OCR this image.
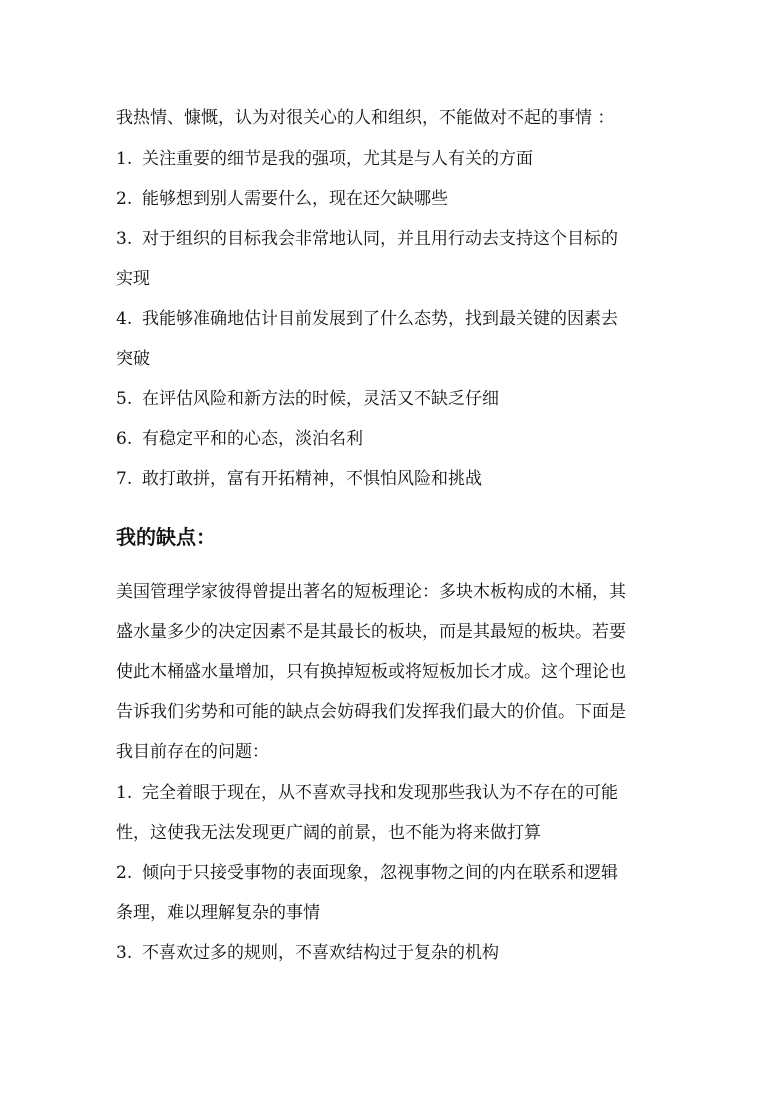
我热情、慷慨，认为对很关心的人和组织，不能做对不起的事情 ：

1. 关注重要的细节是我的强项，尤其是与人有关的方面

2. 能够想到别人需要什么，现在还欠缺哪些

3. 对于组织的目标我会非常地认同，并且用行动去支持这个目标的

实现

4. 我能够准确地估计目前发展到了什么态势，找到最关键的因素去

突破

5. 在评估风险和新方法的时候，灵活又不缺乏仔细

6. 有稳定平和的心态，淡泊名利

7. 敢打敢拼，富有开拓精神，不惧怕风险和挑战

我的缺点：

美国管理学家彼得曾提出著名的短板理论：多块木板构成的木桶，其

盛水量多少的决定因素不是其最长的板块，而是其最短的板块。若要

使此木桶盛水量增加，只有换掉短板或将短板加长才成。这个理论也

告诉我们劣势和可能的缺点会妨碍我们发挥我们最大的价值。下面是

我目前存在的问题：

1. 完全着眼于现在，从不喜欢寻找和发现那些我认为不存在的可能

性，这使我无法发现更广阔的前景，也不能为将来做打算

2. 倾向于只接受事物的表面现象，忽视事物之间的内在联系和逻辑

条理，难以理解复杂的事情

3. 不喜欢过多的规则，不喜欢结构过于复杂的机构
